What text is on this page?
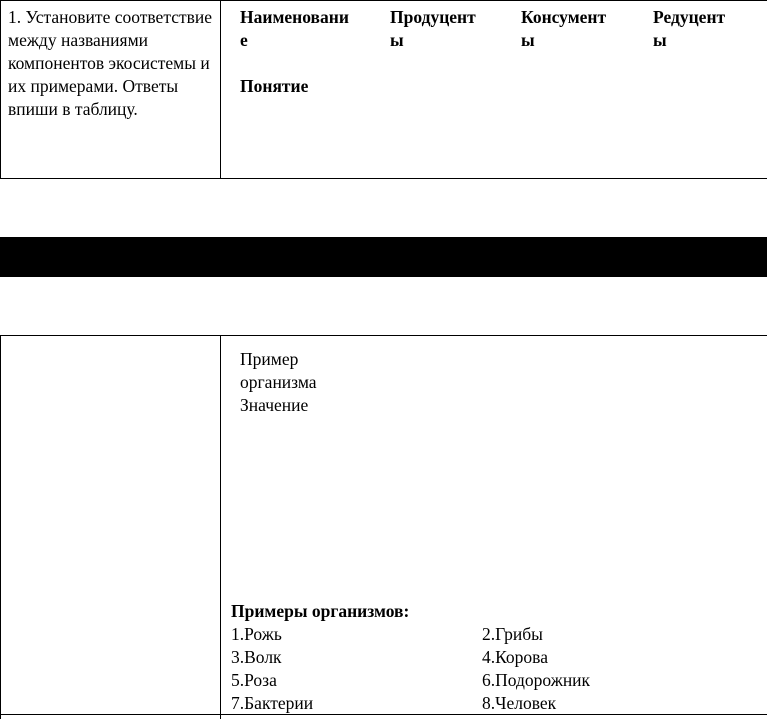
1. Установите соответствие между названиями компонентов экосистемы и их примерами. Ответы впиши в таблицу.
Наименовани
е
Продуцент
ы
Консумент
ы
Редуцент
ы
Понятие
Пример
организма
Значение
Примеры организмов:
1.Рожь
3.Волк
5.Роза
7.Бактерии
2.Грибы
4.Корова
6.Подорожник
8.Человек
